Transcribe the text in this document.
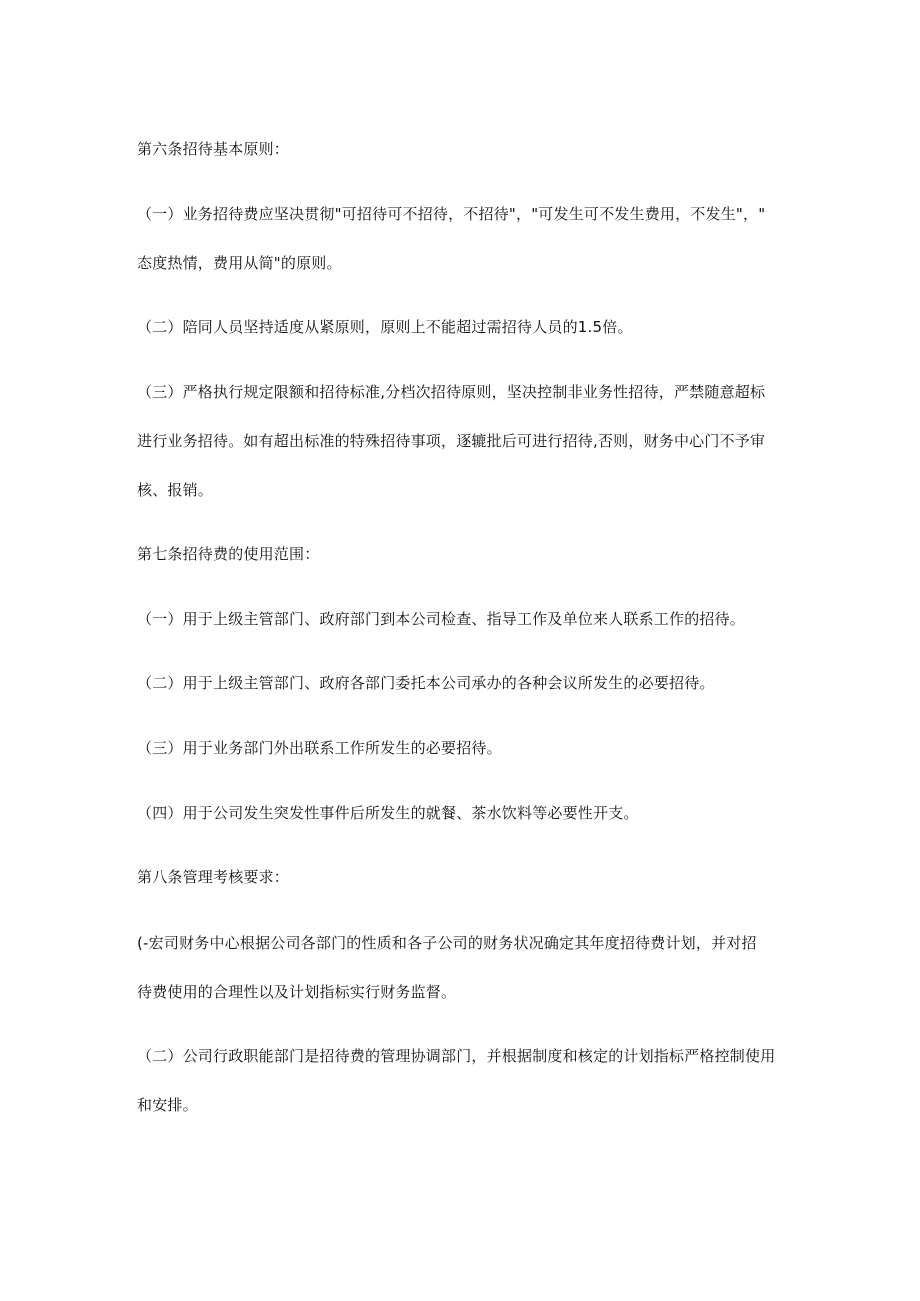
第六条招待基本原则：
（一）业务招待费应坚决贯彻"可招待可不招待，不招待"，"可发生可不发生费用，不发生"，"
态度热情，费用从简"的原则。
（二）陪同人员坚持适度从紧原则，原则上不能超过需招待人员的1.5倍。
（三）严格执行规定限额和招待标准,分档次招待原则，坚决控制非业务性招待，严禁随意超标
进行业务招待。如有超出标准的特殊招待事项，逐辘批后可进行招待,否则，财务中心门不予审
核、报销。
第七条招待费的使用范围：
（一）用于上级主管部门、政府部门到本公司检查、指导工作及单位来人联系工作的招待。
（二）用于上级主管部门、政府各部门委托本公司承办的各种会议所发生的必要招待。
（三）用于业务部门外出联系工作所发生的必要招待。
（四）用于公司发生突发性事件后所发生的就餐、茶水饮料等必要性开支。
第八条管理考核要求：
(-宏司财务中心根据公司各部门的性质和各子公司的财务状况确定其年度招待费计划，并对招
待费使用的合理性以及计划指标实行财务监督。
（二）公司行政职能部门是招待费的管理协调部门，并根据制度和核定的计划指标严格控制使用
和安排。
